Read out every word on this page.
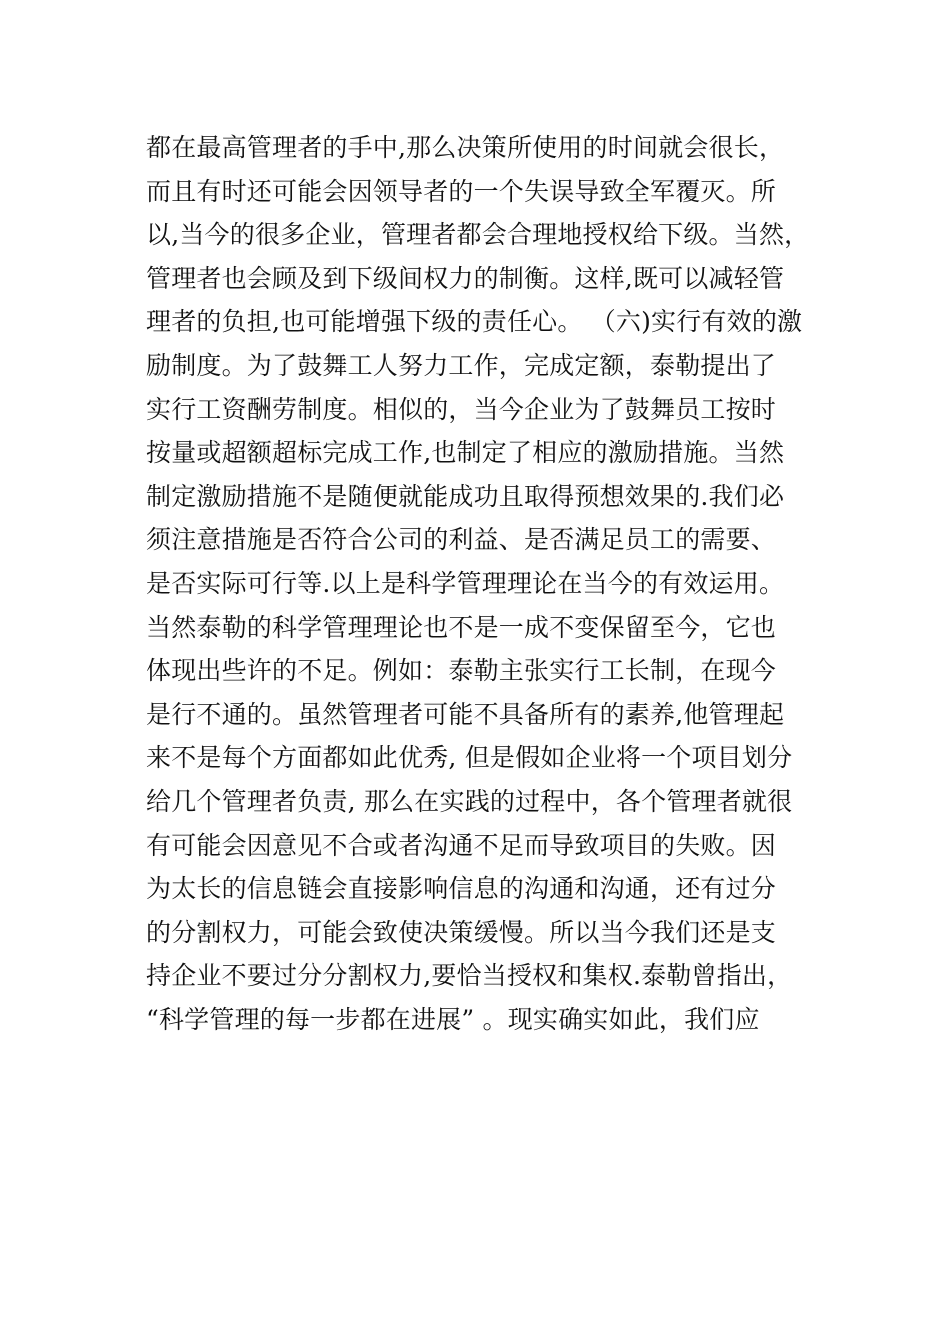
都在最高管理者的手中,那么决策所使用的时间就会很长，
而且有时还可能会因领导者的一个失误导致全军覆灭。所
以,当今的很多企业，管理者都会合理地授权给下级。当然，
管理者也会顾及到下级间权力的制衡。这样,既可以减轻管
理者的负担,也可能增强下级的责任心。 （六)实行有效的激
励制度。为了鼓舞工人努力工作，完成定额，泰勒提出了
实行工资酬劳制度。相似的，当今企业为了鼓舞员工按时
按量或超额超标完成工作,也制定了相应的激励措施。当然
制定激励措施不是随便就能成功且取得预想效果的.我们必
须注意措施是否符合公司的利益、是否满足员工的需要、
是否实际可行等.以上是科学管理理论在当今的有效运用。
当然泰勒的科学管理理论也不是一成不变保留至今，它也
体现出些许的不足。例如：泰勒主张实行工长制，在现今
是行不通的。虽然管理者可能不具备所有的素养,他管理起
来不是每个方面都如此优秀, 但是假如企业将一个项目划分
给几个管理者负责, 那么在实践的过程中，各个管理者就很
有可能会因意见不合或者沟通不足而导致项目的失败。因
为太长的信息链会直接影响信息的沟通和沟通，还有过分
的分割权力，可能会致使决策缓慢。所以当今我们还是支
持企业不要过分分割权力,要恰当授权和集权.泰勒曾指出，
“科学管理的每一步都在进展” 。现实确实如此，我们应
